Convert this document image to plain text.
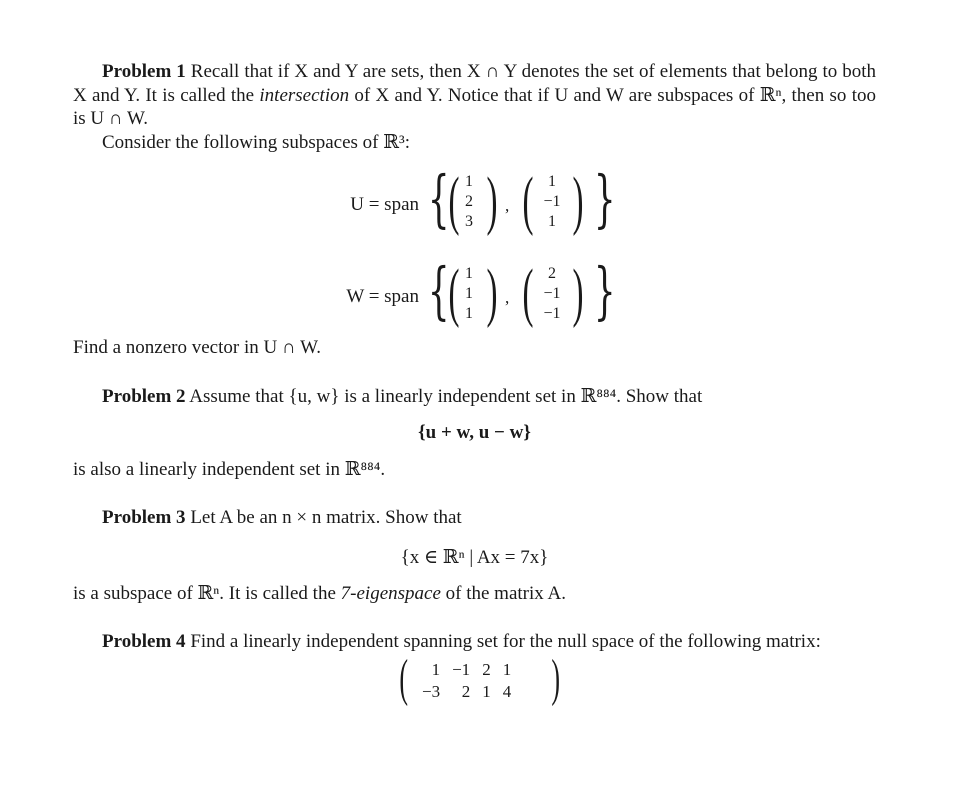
Problem 1 Recall that if X and Y are sets, then X ∩ Y denotes the set of elements that belong to both X and Y. It is called the intersection of X and Y. Notice that if U and W are subspaces of ℝⁿ, then so too is U ∩ W.

Consider the following subspaces of ℝ³:

U = span {
( 1
2
3 ) , ( 1
−1
1 ) }
W = span {
( 1
1
1 ) , ( 2
−1
−1 ) }

Find a nonzero vector in U ∩ W.

Problem 2 Assume that {u, w} is a linearly independent set in ℝ⁸⁸⁴. Show that

{u + w, u − w}

is also a linearly independent set in ℝ⁸⁸⁴.

Problem 3 Let A be an n × n matrix. Show that

{x ∈ ℝⁿ | Ax = 7x}

is a subspace of ℝⁿ. It is called the 7-eigenspace of the matrix A.

Problem 4 Find a linearly independent spanning set for the null space of the following matrix:

( 1	−1	2	1
−3	2	1	4 )
